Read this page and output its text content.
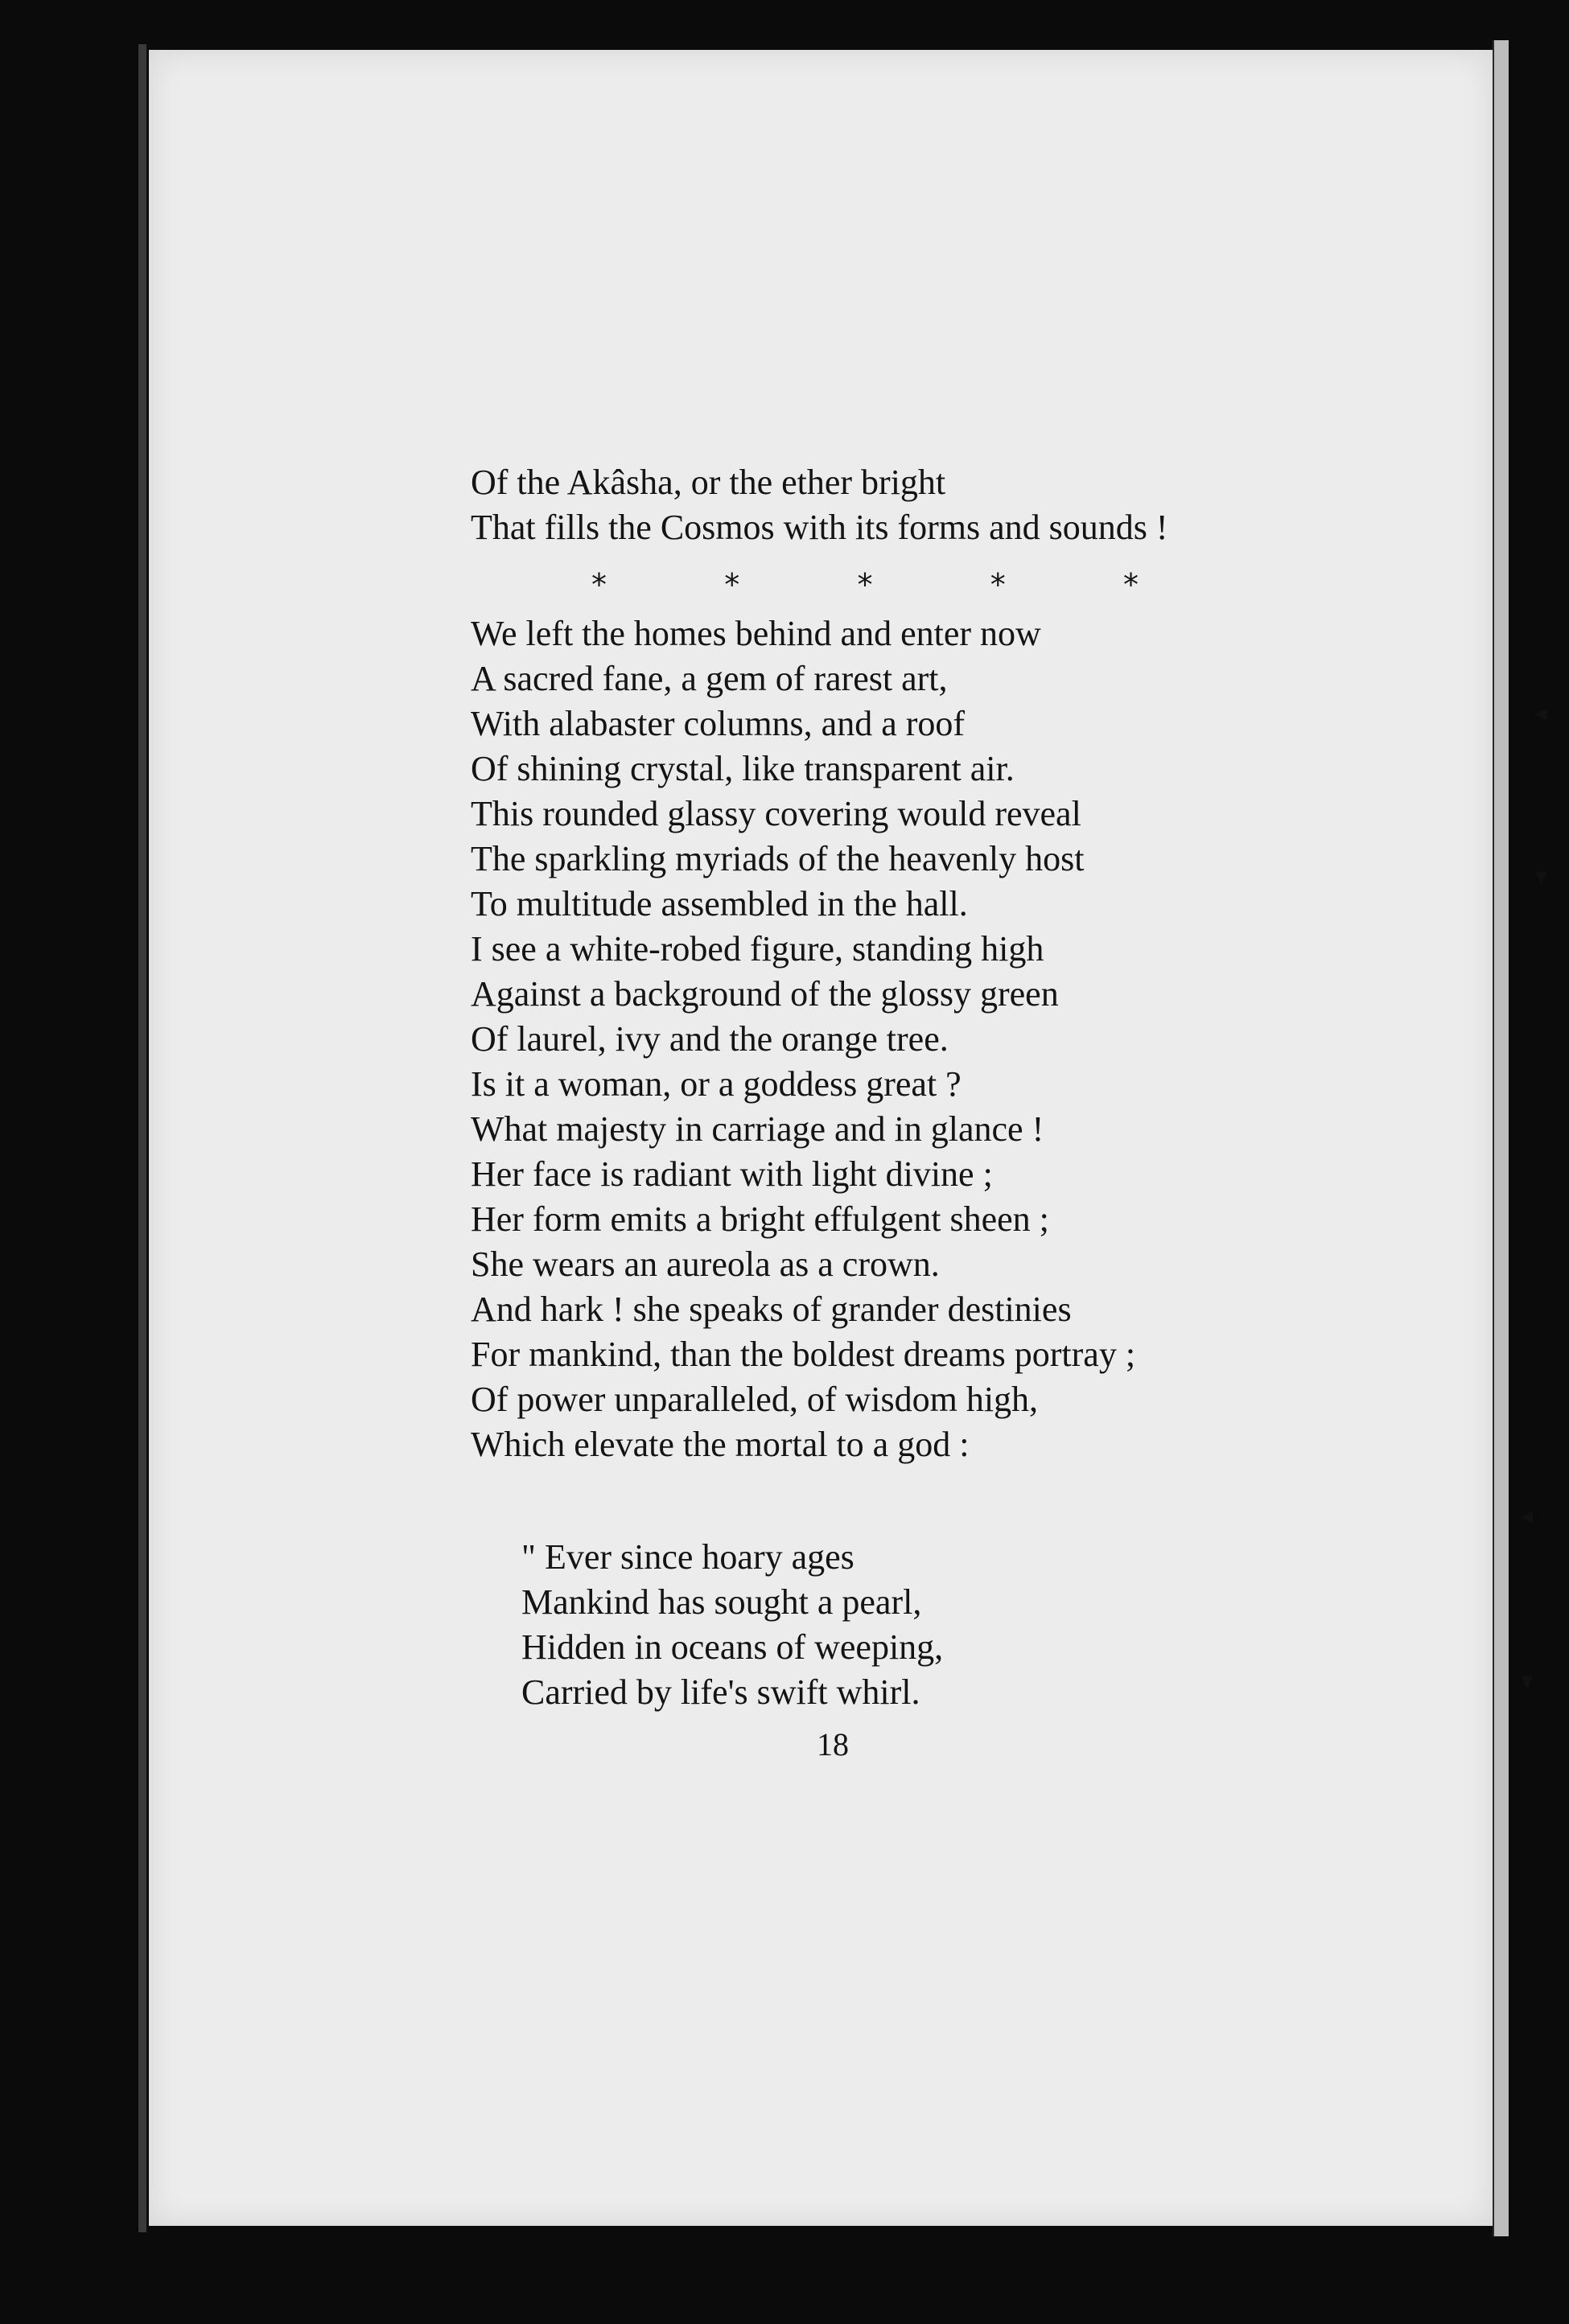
◂
▾
◂
▾
Of the Akâsha, or the ether bright
That fills the Cosmos with its forms and sounds !
*	*	*	*	*
We left the homes behind and enter now
A sacred fane, a gem of rarest art,
With alabaster columns, and a roof
Of shining crystal, like transparent air.
This rounded glassy covering would reveal
The sparkling myriads of the heavenly host
To multitude assembled in the hall.
I see a white-robed figure, standing high
Against a background of the glossy green
Of laurel, ivy and the orange tree.
Is it a woman, or a goddess great ?
What majesty in carriage and in glance !
Her face is radiant with light divine ;
Her form emits a bright effulgent sheen ;
She wears an aureola as a crown.
And hark ! she speaks of grander destinies
For mankind, than the boldest dreams portray ;
Of power unparalleled, of wisdom high,
Which elevate the mortal to a god :
" Ever since hoary ages
Mankind has sought a pearl,
Hidden in oceans of weeping,
Carried by life's swift whirl.
18
